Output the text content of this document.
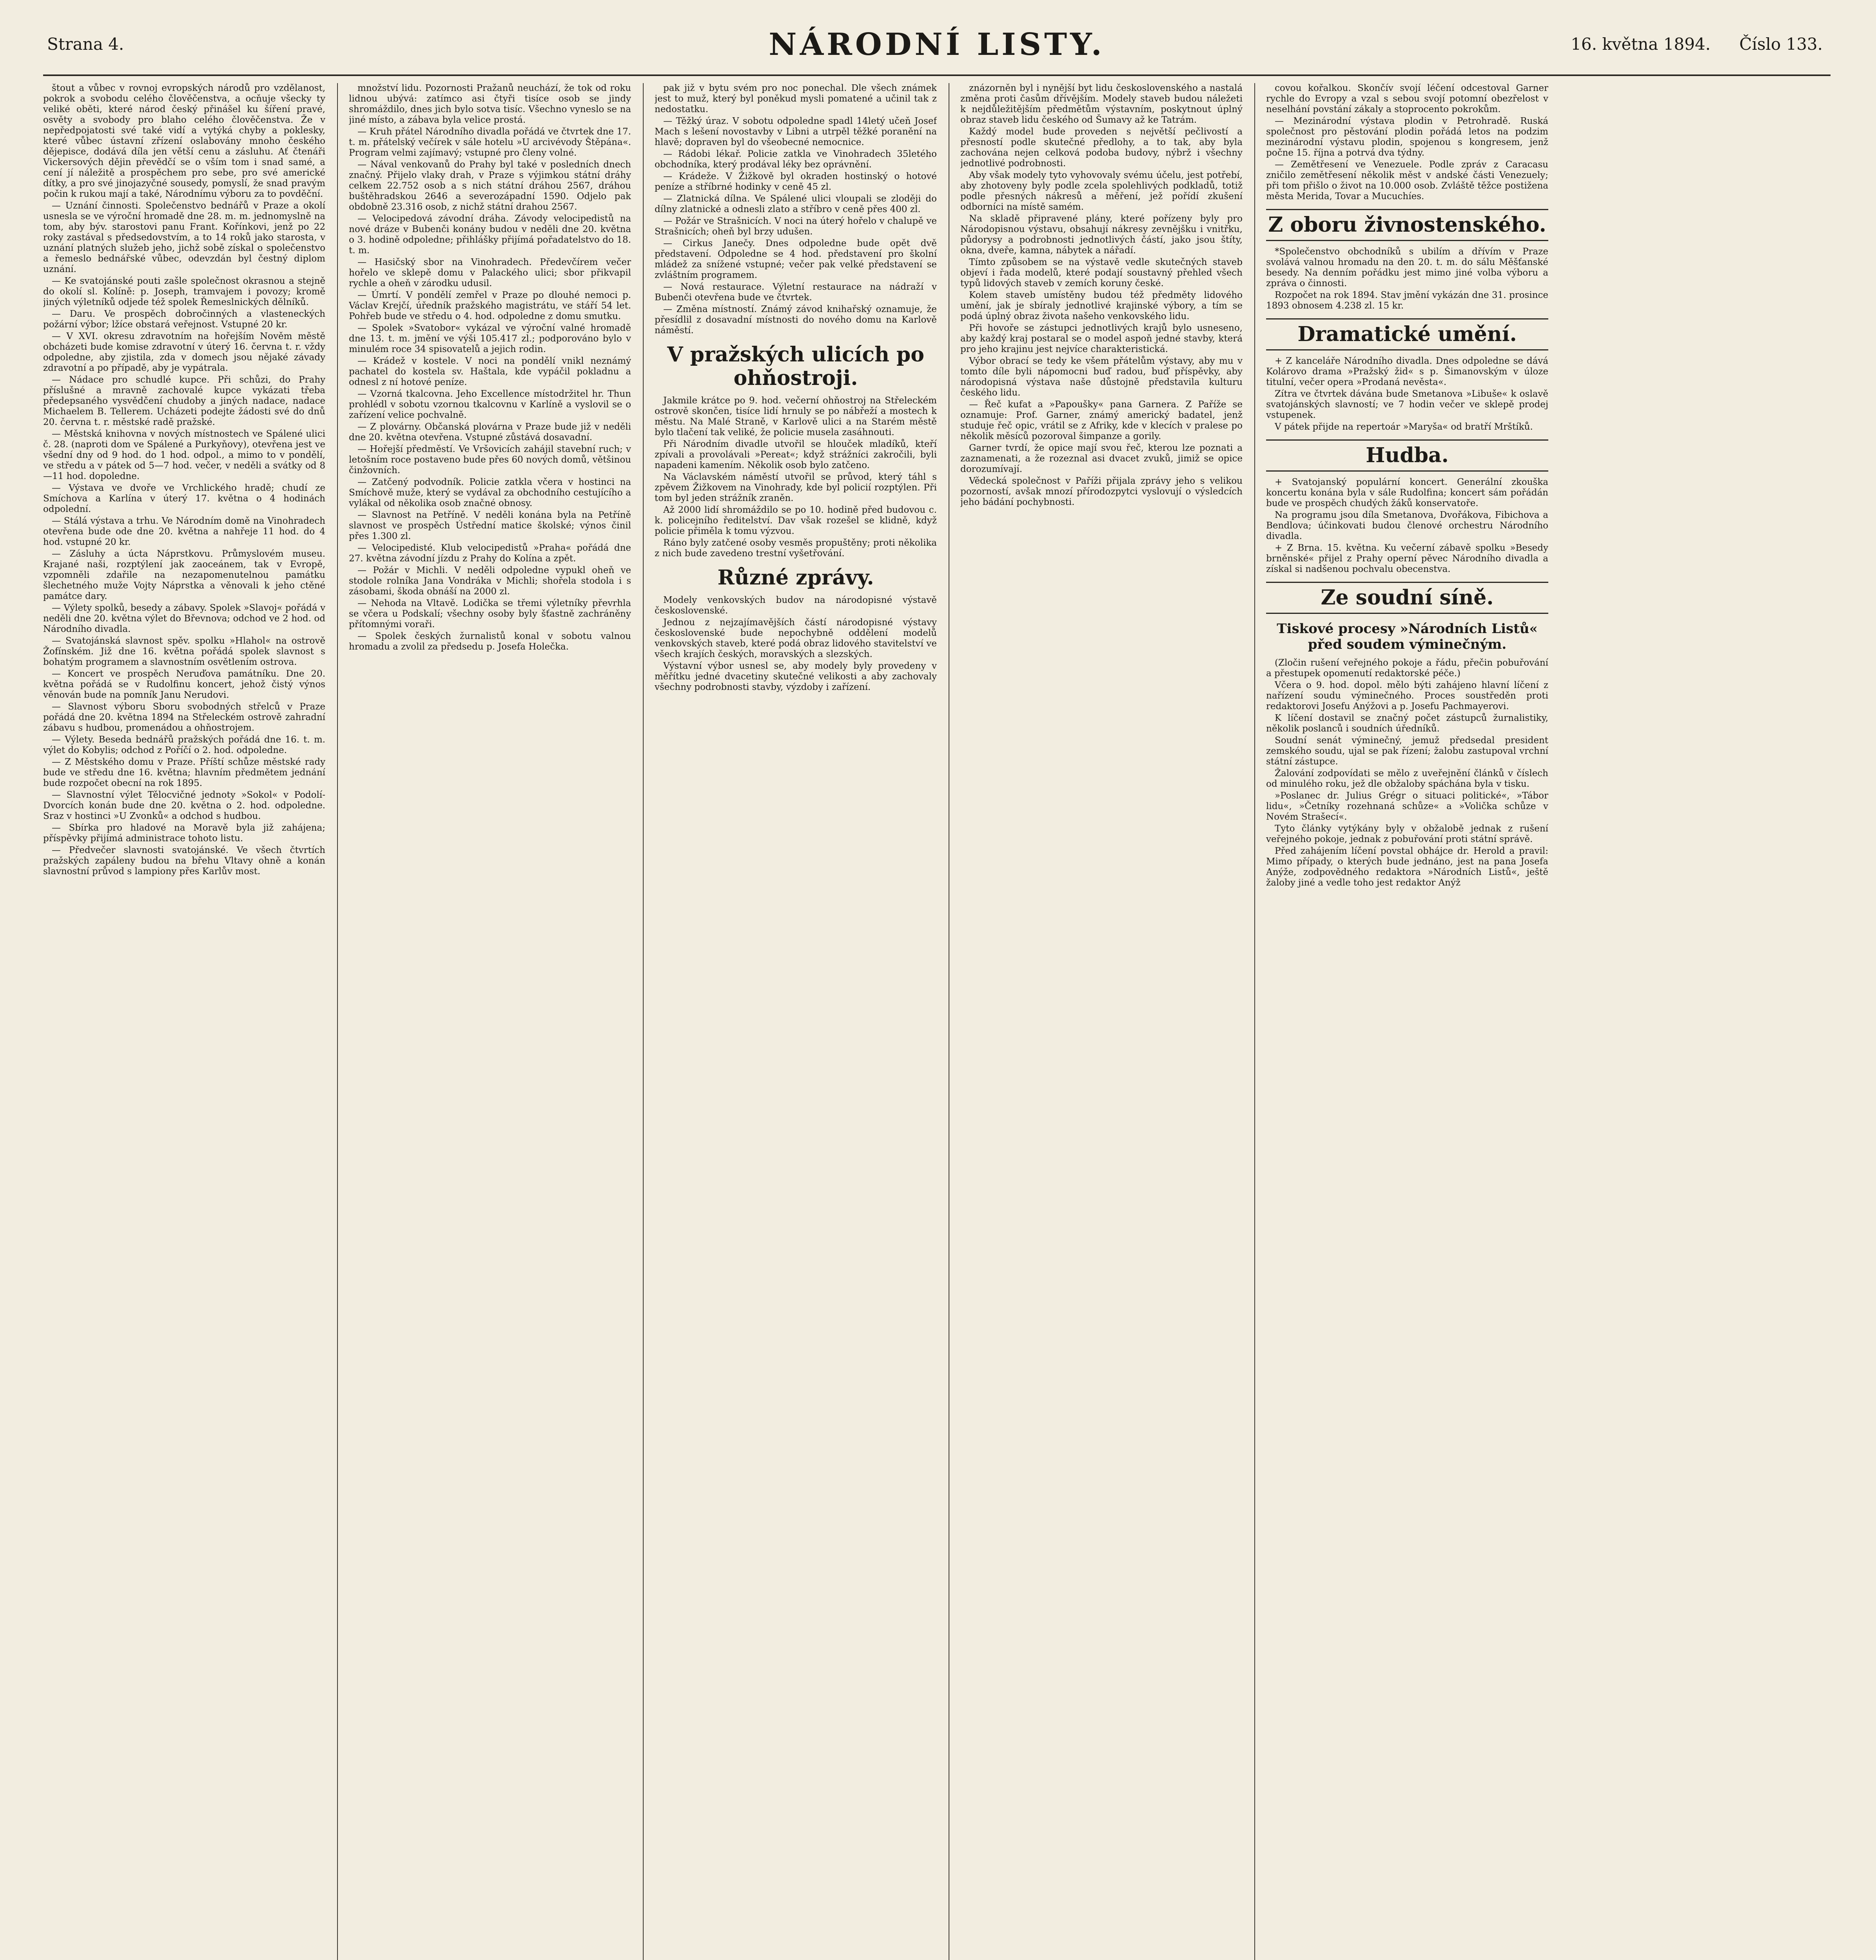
Strana 4.	NÁRODNÍ LISTY.	16. května 1894. Číslo 133.

štout a vůbec v rovnoj evropských národů pro vzdělanost, pokrok a svobodu celého člověčenstva, a ocňuje všecky ty veliké oběti, které národ český přinášel ku šíření pravé, osvěty a svobody pro blaho celého člověčenstva. Že v nepředpojatosti své také vidí a vytýká chyby a poklesky, které vůbec ústavní zřízení oslabovány mnoho českého dějepisce, dodává díla jen větší cenu a zásluhu. Ať čtenáři Vickersových dějin převědčí se o vším tom i snad samé, a cení jí náležitě a prospěchem pro sebe, pro své americké dítky, a pro své jinojazyčné sousedy, pomyslí, že snad pravým počin k rukou mají a také, Národnímu výboru za to povděční.

— Uznání činnosti. Společenstvo bednářů v Praze a okolí usnesla se ve výroční hromadě dne 28. m. m. jednomyslně na tom, aby býv. starostovi panu Frant. Kořínkovi, jenž po 22 roky zastával s předsedovstvím, a to 14 roků jako starosta, v uznání platných služeb jeho, jichž sobě získal o společenstvo a řemeslo bednářské vůbec, odevzdán byl čestný diplom uznání.

— Ke svatojánské pouti zašle společnost okrasnou a stejně do okolí sl. Kolíně: p. Joseph, tramvajem i povozy; kromě jiných výletníků odjede též spolek Řemeslnických dělníků.

— Daru. Ve prospěch dobročinných a vlasteneckých požární výbor; lžíce obstará veřejnost. Vstupné 20 kr.

— V XVI. okresu zdravotním na hořejším Nověm městě obcházeti bude komise zdravotní v úterý 16. června t. r. vždy odpoledne, aby zjistila, zda v domech jsou nějaké závady zdravotní a po případě, aby je vypátrala.

— Nádace pro schudlé kupce. Při schůzi, do Prahy příslušné a mravně zachovalé kupce vykázati třeba předepsaného vysvědčení chudoby a jiných nadace, nadace Michaelem B. Tellerem. Ucházeti podejte žádosti své do dnů 20. června t. r. městské radě pražské.

— Městská knihovna v nových místnostech ve Spálené ulici č. 28. (naproti dom ve Spálené a Purkyňovy), otevřena jest ve všední dny od 9 hod. do 1 hod. odpol., a mimo to v pondělí, ve středu a v pátek od 5—7 hod. večer, v neděli a svátky od 8—11 hod. dopoledne.

— Výstava ve dvoře ve Vrchlického hradě; chudí ze Smíchova a Karlína v úterý 17. května o 4 hodinách odpolední.

— Stálá výstava a trhu. Ve Národním domě na Vinohradech otevřena bude ode dne 20. května a nahřeje 11 hod. do 4 hod. vstupné 20 kr.

— Zásluhy a úcta Náprstkovu. Průmyslovém museu. Krajané naši, rozptýlení jak zaoceánem, tak v Evropě, vzpomněli zdařile na nezapomenutelnou památku šlechetného muže Vojty Náprstka a věnovali k jeho ctěné památce dary.

— Výlety spolků, besedy a zábavy. Spolek »Slavoj« pořádá v neděli dne 20. května výlet do Břevnova; odchod ve 2 hod. od Národního divadla.

— Svatojánská slavnost spěv. spolku »Hlahol« na ostrově Žofínském. Již dne 16. května pořádá spolek slavnost s bohatým programem a slavnostním osvětlením ostrova.

— Koncert ve prospěch Neruďova památníku. Dne 20. května pořádá se v Rudolfinu koncert, jehož čistý výnos věnován bude na pomník Janu Nerudovi.

— Slavnost výboru Sboru svobodných střelců v Praze pořádá dne 20. května 1894 na Střeleckém ostrově zahradní zábavu s hudbou, promenádou a ohňostrojem.

— Výlety. Beseda bednářů pražských pořádá dne 16. t. m. výlet do Kobylis; odchod z Poříčí o 2. hod. odpoledne.

— Z Městského domu v Praze. Příští schůze městské rady bude ve středu dne 16. května; hlavním předmětem jednání bude rozpočet obecní na rok 1895.

— Slavnostní výlet Tělocvičné jednoty »Sokol« v Podolí-Dvorcích konán bude dne 20. května o 2. hod. odpoledne. Sraz v hostinci »U Zvonků« a odchod s hudbou.

— Sbírka pro hladové na Moravě byla již zahájena; příspěvky přijímá administrace tohoto listu.

— Předvečer slavnosti svatojánské. Ve všech čtvrtích pražských zapáleny budou na břehu Vltavy ohně a konán slavnostní průvod s lampiony přes Karlův most.

množství lidu. Pozornosti Pražanů neuchází, že tok od roku lidnou ubývá: zatímco asi čtyři tisíce osob se jindy shromáždilo, dnes jich bylo sotva tisíc. Všechno vyneslo se na jiné místo, a zábava byla velice prostá.

— Kruh přátel Národního divadla pořádá ve čtvrtek dne 17. t. m. přátelský večírek v sále hotelu »U arcivévody Štěpána«. Program velmi zajímavý; vstupné pro členy volné.

— Nával venkovanů do Prahy byl také v posledních dnech značný. Přijelo vlaky drah, v Praze s výjimkou státní dráhy celkem 22.752 osob a s nich státní dráhou 2567, dráhou buštěhradskou 2646 a severozápadní 1590. Odjelo pak obdobně 23.316 osob, z nichž státní drahou 2567.

— Velocipedová závodní dráha. Závody velocipedistů na nové dráze v Bubenči konány budou v neděli dne 20. května o 3. hodině odpoledne; přihlášky přijímá pořadatelstvo do 18. t. m.

— Hasičský sbor na Vinohradech. Předevčírem večer hořelo ve sklepě domu v Palackého ulici; sbor přikvapil rychle a oheň v zárodku udusil.

— Úmrtí. V pondělí zemřel v Praze po dlouhé nemoci p. Václav Krejčí, úředník pražského magistrátu, ve stáří 54 let. Pohřeb bude ve středu o 4. hod. odpoledne z domu smutku.

— Spolek »Svatobor« vykázal ve výroční valné hromadě dne 13. t. m. jmění ve výši 105.417 zl.; podporováno bylo v minulém roce 34 spisovatelů a jejich rodin.

— Krádež v kostele. V noci na pondělí vnikl neznámý pachatel do kostela sv. Haštala, kde vypáčil pokladnu a odnesl z ní hotové peníze.

— Vzorná tkalcovna. Jeho Excellence místodržitel hr. Thun prohlédl v sobotu vzornou tkalcovnu v Karlíně a vyslovil se o zařízení velice pochvalně.

— Z plovárny. Občanská plovárna v Praze bude již v neděli dne 20. května otevřena. Vstupné zůstává dosavadní.

— Hořejší předměstí. Ve Vršovicích zahájil stavební ruch; v letošním roce postaveno bude přes 60 nových domů, většinou činžovních.

— Zatčený podvodník. Policie zatkla včera v hostinci na Smíchově muže, který se vydával za obchodního cestujícího a vylákal od několika osob značné obnosy.

— Slavnost na Petříně. V neděli konána byla na Petříně slavnost ve prospěch Ústřední matice školské; výnos činil přes 1.300 zl.

— Velocipedisté. Klub velocipedistů »Praha« pořádá dne 27. května závodní jízdu z Prahy do Kolína a zpět.

— Požár v Michli. V neděli odpoledne vypukl oheň ve stodole rolníka Jana Vondráka v Michli; shořela stodola i s zásobami, škoda obnáší na 2000 zl.

— Nehoda na Vltavě. Lodička se třemi výletníky převrhla se včera u Podskalí; všechny osoby byly šťastně zachráněny přítomnými voraři.

— Spolek českých žurnalistů konal v sobotu valnou hromadu a zvolil za předsedu p. Josefa Holečka.

pak již v bytu svém pro noc ponechal. Dle všech známek jest to muž, který byl poněkud mysli pomatené a učinil tak z nedostatku.

— Těžký úraz. V sobotu odpoledne spadl 14letý učeň Josef Mach s lešení novostavby v Libni a utrpěl těžké poranění na hlavě; dopraven byl do všeobecné nemocnice.

— Rádobi lékař. Policie zatkla ve Vinohradech 35letého obchodníka, který prodával léky bez oprávnění.

— Krádeže. V Žižkově byl okraden hostinský o hotové peníze a stříbrné hodinky v ceně 45 zl.

— Zlatnická dílna. Ve Spálené ulici vloupali se zloději do dílny zlatnické a odnesli zlato a stříbro v ceně přes 400 zl.

— Požár ve Strašnicích. V noci na úterý hořelo v chalupě ve Strašnicích; oheň byl brzy udušen.

— Cirkus Janečy. Dnes odpoledne bude opět dvě představení. Odpoledne se 4 hod. představení pro školní mládež za snížené vstupné; večer pak velké představení se zvláštním programem.

— Nová restaurace. Výletní restaurace na nádraží v Bubenči otevřena bude ve čtvrtek.

— Změna místností. Známý závod knihařský oznamuje, že přesídlil z dosavadní místnosti do nového domu na Karlově náměstí.

V pražských ulicích po ohňostroji.

Jakmile krátce po 9. hod. večerní ohňostroj na Střeleckém ostrově skončen, tisíce lidí hrnuly se po nábřeží a mostech k městu. Na Malé Straně, v Karlově ulici a na Starém městě bylo tlačení tak veliké, že policie musela zasáhnouti.

Při Národním divadle utvořil se hlouček mladíků, kteří zpívali a provolávali »Pereat«; když strážníci zakročili, byli napadeni kamením. Několik osob bylo zatčeno.

Na Václavském náměstí utvořil se průvod, který táhl s zpěvem Žižkovem na Vinohrady, kde byl policií rozptýlen. Při tom byl jeden strážník zraněn.

Až 2000 lidí shromáždilo se po 10. hodině před budovou c. k. policejního ředitelství. Dav však rozešel se klidně, když policie přiměla k tomu výzvou.

Ráno byly zatčené osoby vesměs propuštěny; proti několika z nich bude zavedeno trestní vyšetřování.

Různé zprávy.

Modely venkovských budov na národopisné výstavě československé.

Jednou z nejzajímavějších částí národopisné výstavy československé bude nepochybně oddělení modelů venkovských staveb, které podá obraz lidového stavitelství ve všech krajích českých, moravských a slezských.

Výstavní výbor usnesl se, aby modely byly provedeny v měřítku jedné dvacetiny skutečné velikosti a aby zachovaly všechny podrobnosti stavby, výzdoby i zařízení.

znázorněn byl i nynější byt lidu československého a nastalá změna proti časům dřívějším. Modely staveb budou náležeti k nejdůležitějším předmětům výstavním, poskytnout úplný obraz staveb lidu českého od Šumavy až ke Tatrám.

Každý model bude proveden s největší pečlivostí a přesností podle skutečné předlohy, a to tak, aby byla zachována nejen celková podoba budovy, nýbrž i všechny jednotlivé podrobnosti.

Aby však modely tyto vyhovovaly svému účelu, jest potřebí, aby zhotoveny byly podle zcela spolehlivých podkladů, totiž podle přesných nákresů a měření, jež pořídí zkušení odborníci na místě samém.

Na skladě připravené plány, které pořízeny byly pro Národopisnou výstavu, obsahují nákresy zevnějšku i vnitřku, půdorysy a podrobnosti jednotlivých částí, jako jsou štíty, okna, dveře, kamna, nábytek a nářadí.

Tímto způsobem se na výstavě vedle skutečných staveb objeví i řada modelů, které podají soustavný přehled všech typů lidových staveb v zemích koruny české.

Kolem staveb umístěny budou též předměty lidového umění, jak je sbíraly jednotlivé krajinské výbory, a tím se podá úplný obraz života našeho venkovského lidu.

Při hovoře se zástupci jednotlivých krajů bylo usneseno, aby každý kraj postaral se o model aspoň jedné stavby, která pro jeho krajinu jest nejvíce charakteristická.

Výbor obrací se tedy ke všem přátelům výstavy, aby mu v tomto díle byli nápomocni buď radou, buď příspěvky, aby národopisná výstava naše důstojně představila kulturu českého lidu.

— Řeč kufat a »Papoušky« pana Garnera. Z Paříže se oznamuje: Prof. Garner, známý americký badatel, jenž studuje řeč opic, vrátil se z Afriky, kde v klecích v pralese po několik měsíců pozoroval šimpanze a gorily.

Garner tvrdí, že opice mají svou řeč, kterou lze poznati a zaznamenati, a že rozeznal asi dvacet zvuků, jimiž se opice dorozumívají.

Vědecká společnost v Paříži přijala zprávy jeho s velikou pozorností, avšak mnozí přírodozpytci vyslovují o výsledcích jeho bádání pochybnosti.

covou kořalkou. Skončív svojí léčení odcestoval Garner rychle do Evropy a vzal s sebou svojí potomní obezřelost v neselhání povstání zákaly a stoprocento pokrokům.

— Mezinárodní výstava plodin v Petrohradě. Ruská společnost pro pěstování plodin pořádá letos na podzim mezinárodní výstavu plodin, spojenou s kongresem, jenž počne 15. října a potrvá dva týdny.

— Zemětřesení ve Venezuele. Podle zpráv z Caracasu zničilo zemětřesení několik měst v andské části Venezuely; při tom přišlo o život na 10.000 osob. Zvláště těžce postižena města Merida, Tovar a Mucuchíes.

Z oboru živnostenského.

*Společenstvo obchodníků s ubilím a dřívím v Praze svolává valnou hromadu na den 20. t. m. do sálu Měšťanské besedy. Na denním pořádku jest mimo jiné volba výboru a zpráva o činnosti.

Rozpočet na rok 1894. Stav jmění vykázán dne 31. prosince 1893 obnosem 4.238 zl. 15 kr.

Dramatické umění.

+ Z kanceláře Národního divadla. Dnes odpoledne se dává Kolárovo drama »Pražský žid« s p. Šimanovským v úloze titulní, večer opera »Prodaná nevěsta«.

Zítra ve čtvrtek dávána bude Smetanova »Libuše« k oslavě svatojánských slavností; ve 7 hodin večer ve sklepě prodej vstupenek.

V pátek přijde na repertoár »Maryša« od bratří Mrštíků.

Hudba.

+ Svatojanský populární koncert. Generální zkouška koncertu konána byla v sále Rudolfina; koncert sám pořádán bude ve prospěch chudých žáků konservatoře.

Na programu jsou díla Smetanova, Dvořákova, Fibichova a Bendlova; účinkovati budou členové orchestru Národního divadla.

+ Z Brna. 15. května. Ku večerní zábavě spolku »Besedy brněnské« přijel z Prahy operní pěvec Národního divadla a získal si nadšenou pochvalu obecenstva.

Ze soudní síně.
Tiskové procesy »Národních Listů« před soudem výminečným.

(Zločin rušení veřejného pokoje a řádu, přečin pobuřování a přestupek opomenutí redaktorské péče.)

Včera o 9. hod. dopol. mělo býti zahájeno hlavní líčení z nařízení soudu výminečného. Proces soustředěn proti redaktorovi Josefu Anýžovi a p. Josefu Pachmayerovi.

K líčení dostavil se značný počet zástupců žurnalistiky, několik poslanců i soudních úředníků.

Soudní senát výminečný, jemuž předsedal president zemského soudu, ujal se pak řízení; žalobu zastupoval vrchní státní zástupce.

Žalování zodpovídati se mělo z uveřejnění článků v číslech od minulého roku, jež dle obžaloby spáchána byla v tisku.

»Poslanec dr. Julius Grégr o situaci politické«, »Tábor lidu«, »Četníky rozehnaná schůze« a »Volička schůze v Novém Strašecí«.

Tyto články vytýkány byly v obžalobě jednak z rušení veřejného pokoje, jednak z pobuřování proti státní správě.

Před zahájením líčení povstal obhájce dr. Herold a pravil: Mimo případy, o kterých bude jednáno, jest na pana Josefa Anýže, zodpovědného redaktora »Národních Listů«, ještě žaloby jiné a vedle toho jest redaktor Anýž
